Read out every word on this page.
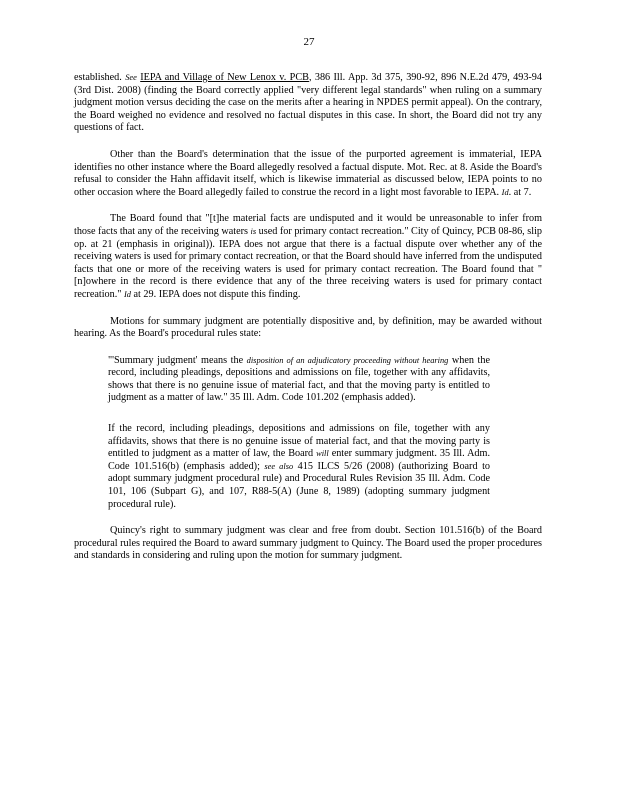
27

established. See IEPA and Village of New Lenox v. PCB, 386 Ill. App. 3d 375, 390-92, 896 N.E.2d 479, 493-94 (3rd Dist. 2008) (finding the Board correctly applied "very different legal standards" when ruling on a summary judgment motion versus deciding the case on the merits after a hearing in NPDES permit appeal). On the contrary, the Board weighed no evidence and resolved no factual disputes in this case. In short, the Board did not try any questions of fact.

Other than the Board's determination that the issue of the purported agreement is immaterial, IEPA identifies no other instance where the Board allegedly resolved a factual dispute. Mot. Rec. at 8. Aside the Board's refusal to consider the Hahn affidavit itself, which is likewise immaterial as discussed below, IEPA points to no other occasion where the Board allegedly failed to construe the record in a light most favorable to IEPA. Id. at 7.

The Board found that "[t]he material facts are undisputed and it would be unreasonable to infer from those facts that any of the receiving waters is used for primary contact recreation." City of Quincy, PCB 08-86, slip op. at 21 (emphasis in original)). IEPA does not argue that there is a factual dispute over whether any of the receiving waters is used for primary contact recreation, or that the Board should have inferred from the undisputed facts that one or more of the receiving waters is used for primary contact recreation. The Board found that "[n]owhere in the record is there evidence that any of the three receiving waters is used for primary contact recreation." Id at 29. IEPA does not dispute this finding.

Motions for summary judgment are potentially dispositive and, by definition, may be awarded without hearing. As the Board's procedural rules state:

"'Summary judgment' means the disposition of an adjudicatory proceeding without hearing when the record, including pleadings, depositions and admissions on file, together with any affidavits, shows that there is no genuine issue of material fact, and that the moving party is entitled to judgment as a matter of law." 35 Ill. Adm. Code 101.202 (emphasis added).

If the record, including pleadings, depositions and admissions on file, together with any affidavits, shows that there is no genuine issue of material fact, and that the moving party is entitled to judgment as a matter of law, the Board will enter summary judgment. 35 Ill. Adm. Code 101.516(b) (emphasis added); see also 415 ILCS 5/26 (2008) (authorizing Board to adopt summary judgment procedural rule) and Procedural Rules Revision 35 Ill. Adm. Code 101, 106 (Subpart G), and 107, R88-5(A) (June 8, 1989) (adopting summary judgment procedural rule).

Quincy's right to summary judgment was clear and free from doubt. Section 101.516(b) of the Board procedural rules required the Board to award summary judgment to Quincy. The Board used the proper procedures and standards in considering and ruling upon the motion for summary judgment.
